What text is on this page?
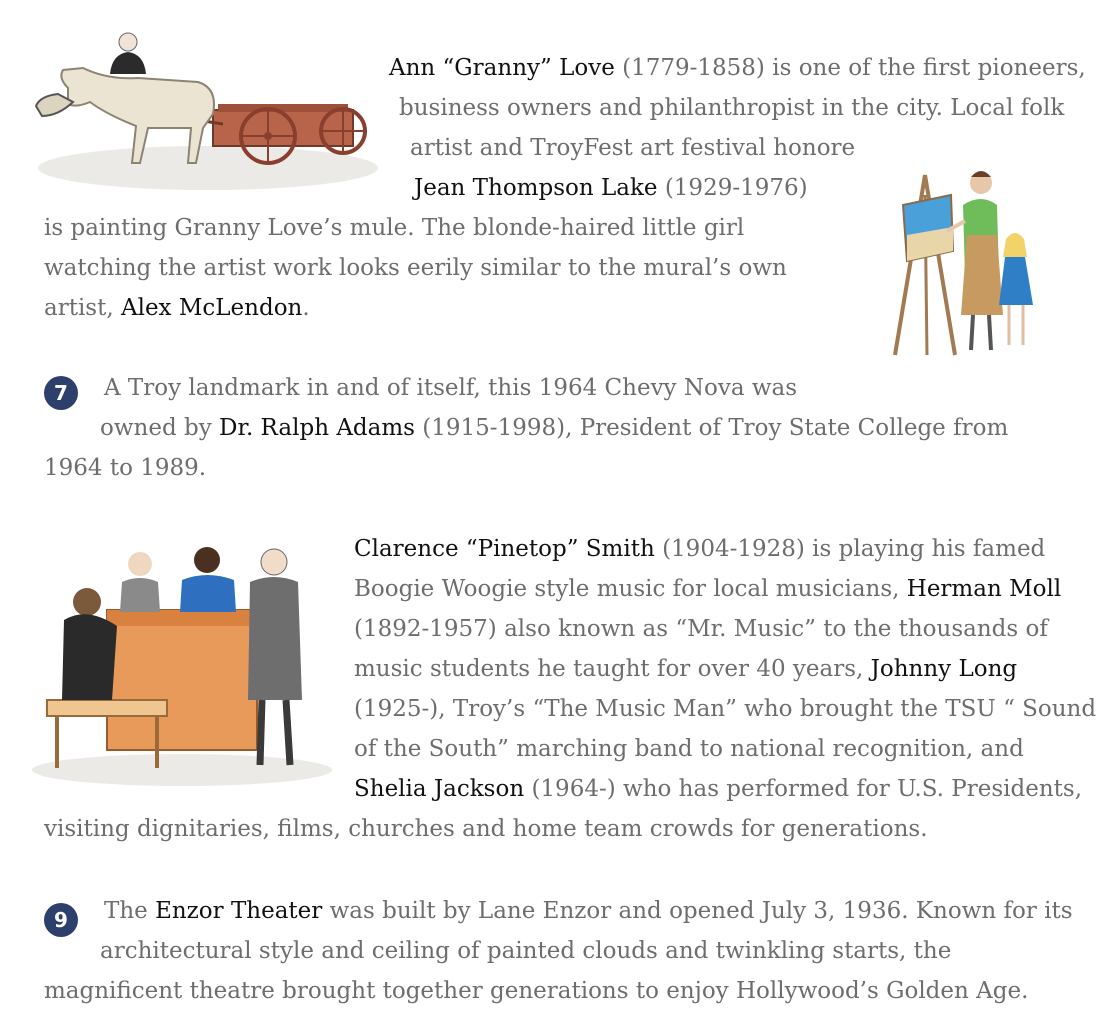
Ann “Granny” Love (1779-1858) is one of the first pioneers,
business owners and philanthropist in the city. Local folk
artist and TroyFest art festival honore
Jean Thompson Lake (1929-1976)
is painting Granny Love’s mule. The blonde-haired little girl
watching the artist work looks eerily similar to the mural’s own
artist, Alex McLendon.
7	A Troy landmark in and of itself, this 1964 Chevy Nova was
owned by Dr. Ralph Adams (1915-1998), President of Troy State College from
1964 to 1989.
Clarence “Pinetop” Smith (1904-1928) is playing his famed
Boogie Woogie style music for local musicians, Herman Moll
(1892-1957) also known as “Mr. Music” to the thousands of
music students he taught for over 40 years, Johnny Long
(1925-), Troy’s “The Music Man” who brought the TSU “ Sound
of the South” marching band to national recognition, and
Shelia Jackson (1964-) who has performed for U.S. Presidents,
visiting dignitaries, films, churches and home team crowds for generations.
9	The Enzor Theater was built by Lane Enzor and opened July 3, 1936. Known for its
architectural style and ceiling of painted clouds and twinkling starts, the
magnificent theatre brought together generations to enjoy Hollywood’s Golden Age.
